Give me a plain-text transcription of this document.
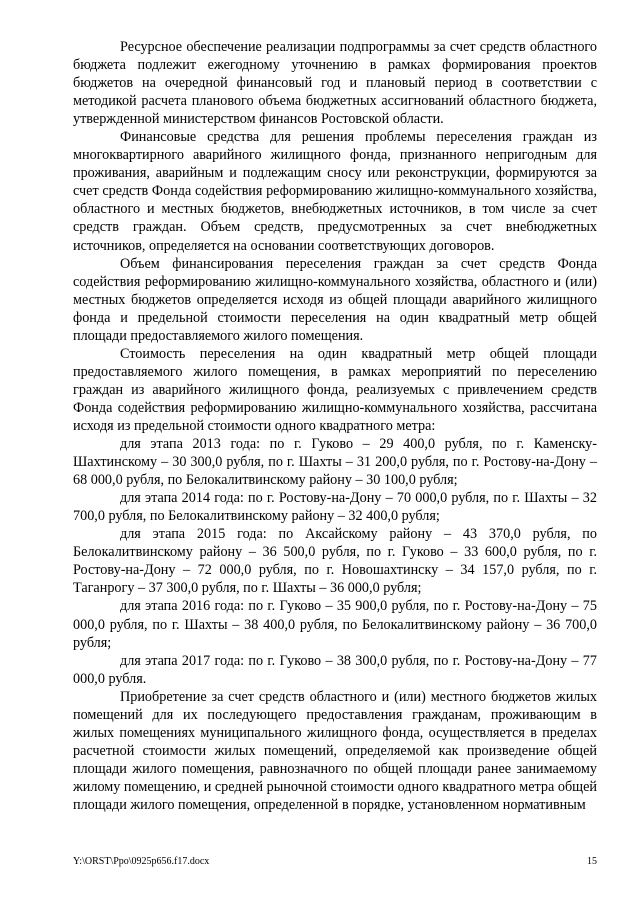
Ресурсное обеспечение реализации подпрограммы за счет средств областного бюджета подлежит ежегодному уточнению в рамках формирования проектов бюджетов на очередной финансовый год и плановый период в соответствии с методикой расчета планового объема бюджетных ассигнований областного бюджета, утвержденной министерством финансов Ростовской области.

Финансовые средства для решения проблемы переселения граждан из многоквартирного аварийного жилищного фонда, признанного непригодным для проживания, аварийным и подлежащим сносу или реконструкции, формируются за счет средств Фонда содействия реформированию жилищно-коммунального хозяйства, областного и местных бюджетов, внебюджетных источников, в том числе за счет средств граждан. Объем средств, предусмотренных за счет внебюджетных источников, определяется на основании соответствующих договоров.

Объем финансирования переселения граждан за счет средств Фонда содействия реформированию жилищно-коммунального хозяйства, областного и (или) местных бюджетов определяется исходя из общей площади аварийного жилищного фонда и предельной стоимости переселения на один квадратный метр общей площади предоставляемого жилого помещения.

Стоимость переселения на один квадратный метр общей площади предоставляемого жилого помещения, в рамках мероприятий по переселению граждан из аварийного жилищного фонда, реализуемых с привлечением средств Фонда содействия реформированию жилищно-коммунального хозяйства, рассчитана исходя из предельной стоимости одного квадратного метра:

для этапа 2013 года: по г. Гуково – 29 400,0 рубля, по г. Каменску-Шахтинскому – 30 300,0 рубля, по г. Шахты – 31 200,0 рубля, по г. Ростову-на-Дону – 68 000,0 рубля, по Белокалитвинскому району – 30 100,0 рубля;

для этапа 2014 года: по г. Ростову-на-Дону – 70 000,0 рубля, по г. Шахты – 32 700,0 рубля, по Белокалитвинскому району – 32 400,0 рубля;

для этапа 2015 года: по Аксайскому району – 43 370,0 рубля, по Белокалитвинскому району – 36 500,0 рубля, по г. Гуково – 33 600,0 рубля, по г. Ростову-на-Дону – 72 000,0 рубля, по г. Новошахтинску – 34 157,0 рубля, по г. Таганрогу – 37 300,0 рубля, по г. Шахты – 36 000,0 рубля;

для этапа 2016 года: по г. Гуково – 35 900,0 рубля, по г. Ростову-на-Дону – 75 000,0 рубля, по г. Шахты – 38 400,0 рубля, по Белокалитвинскому району – 36 700,0 рубля;

для этапа 2017 года: по г. Гуково – 38 300,0 рубля, по г. Ростову-на-Дону – 77 000,0 рубля.

Приобретение за счет средств областного и (или) местного бюджетов жилых помещений для их последующего предоставления гражданам, проживающим в жилых помещениях муниципального жилищного фонда, осуществляется в пределах расчетной стоимости жилых помещений, определяемой как произведение общей площади жилого помещения, равнозначного по общей площади ранее занимаемому жилому помещению, и средней рыночной стоимости одного квадратного метра общей площади жилого помещения, определенной в порядке, установленном нормативным

Y:\ORST\Ppo\0925p656.f17.docx	15
